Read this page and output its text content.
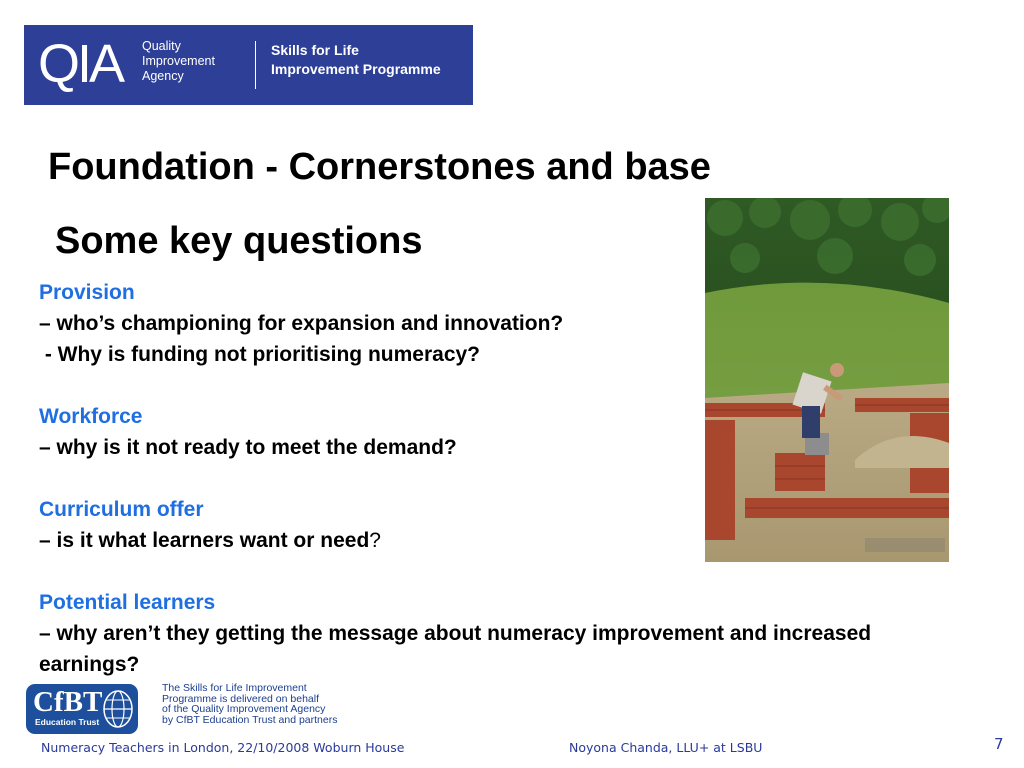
QIA Quality
Improvement
Agency
Skills for Life
Improvement Programme
Foundation - Cornerstones and base
Some key questions
Provision
– who’s championing for expansion and innovation?
- Why is funding not prioritising numeracy?
Workforce
– why is it not ready to meet the demand?
Curriculum offer
– is it what learners want or need?
Potential learners
– why aren’t they getting the message about numeracy improvement and increased earnings?
CfBT
Education Trust
The Skills for Life Improvement
Programme is delivered on behalf
of the Quality Improvement Agency
by CfBT Education Trust and partners
Numeracy Teachers in London, 22/10/2008 Woburn House	Noyona Chanda, LLU+ at LSBU	7
